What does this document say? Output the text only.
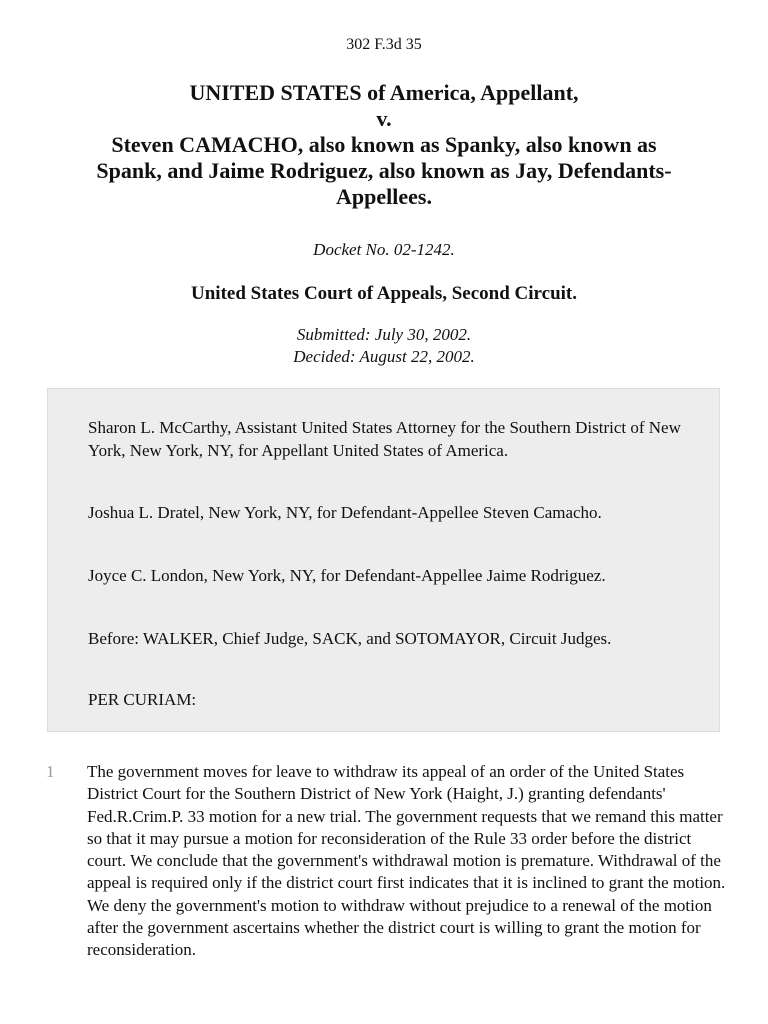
302 F.3d 35
UNITED STATES of America, Appellant,
v.
Steven CAMACHO, also known as Spanky, also known as
Spank, and Jaime Rodriguez, also known as Jay, Defendants-
Appellees.
Docket No. 02-1242.
United States Court of Appeals, Second Circuit.
Submitted: July 30, 2002.
Decided: August 22, 2002.
Sharon L. McCarthy, Assistant United States Attorney for the Southern District of New York, New York, NY, for Appellant United States of America.
Joshua L. Dratel, New York, NY, for Defendant-Appellee Steven Camacho.
Joyce C. London, New York, NY, for Defendant-Appellee Jaime Rodriguez.
Before: WALKER, Chief Judge, SACK, and SOTOMAYOR, Circuit Judges.
PER CURIAM:
1 The government moves for leave to withdraw its appeal of an order of the United States District Court for the Southern District of New York (Haight, J.) granting defendants' Fed.R.Crim.P. 33 motion for a new trial. The government requests that we remand this matter so that it may pursue a motion for reconsideration of the Rule 33 order before the district court. We conclude that the government's withdrawal motion is premature. Withdrawal of the appeal is required only if the district court first indicates that it is inclined to grant the motion. We deny the government's motion to withdraw without prejudice to a renewal of the motion after the government ascertains whether the district court is willing to grant the motion for reconsideration.
